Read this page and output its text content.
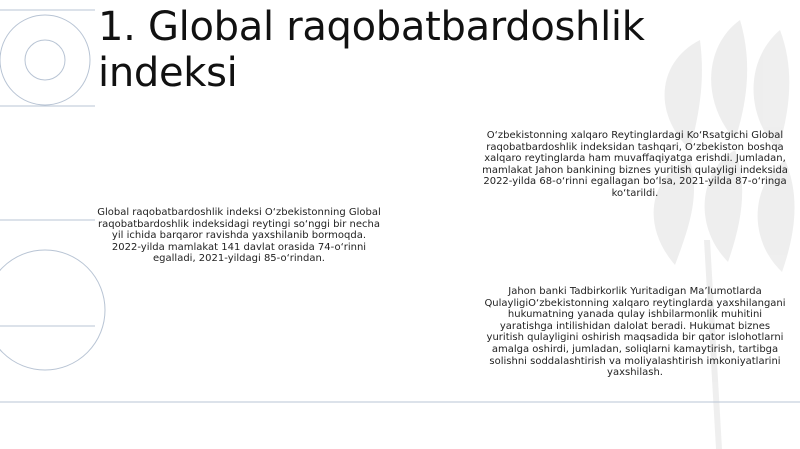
1. Global raqobatbardoshlik indeksi

Global raqobatbardoshlik indeksi O‘zbekistonning Global raqobatbardoshlik indeksidagi reytingi so‘nggi bir necha yil ichida barqaror ravishda yaxshilanib bormoqda. 2022-yilda mamlakat 141 davlat orasida 74-o‘rinni egalladi, 2021-yildagi 85-o‘rindan.

O‘zbekistonning xalqaro Reytinglardagi Ko‘Rsatgichi Global raqobatbardoshlik indeksidan tashqari, O‘zbekiston boshqa xalqaro reytinglarda ham muvaffaqiyatga erishdi. Jumladan, mamlakat Jahon bankining biznes yuritish qulayligi indeksida 2022-yilda 68-o‘rinni egallagan bo‘lsa, 2021-yilda 87-o‘ringa ko‘tarildi.

Jahon banki Tadbirkorlik Yuritadigan Ma’lumotlarda QulayligiO‘zbekistonning xalqaro reytinglarda yaxshilangani hukumatning yanada qulay ishbilarmonlik muhitini yaratishga intilishidan dalolat beradi. Hukumat biznes yuritish qulayligini oshirish maqsadida bir qator islohotlarni amalga oshirdi, jumladan, soliqlarni kamaytirish, tartibga solishni soddalashtirish va moliyalashtirish imkoniyatlarini yaxshilash.
